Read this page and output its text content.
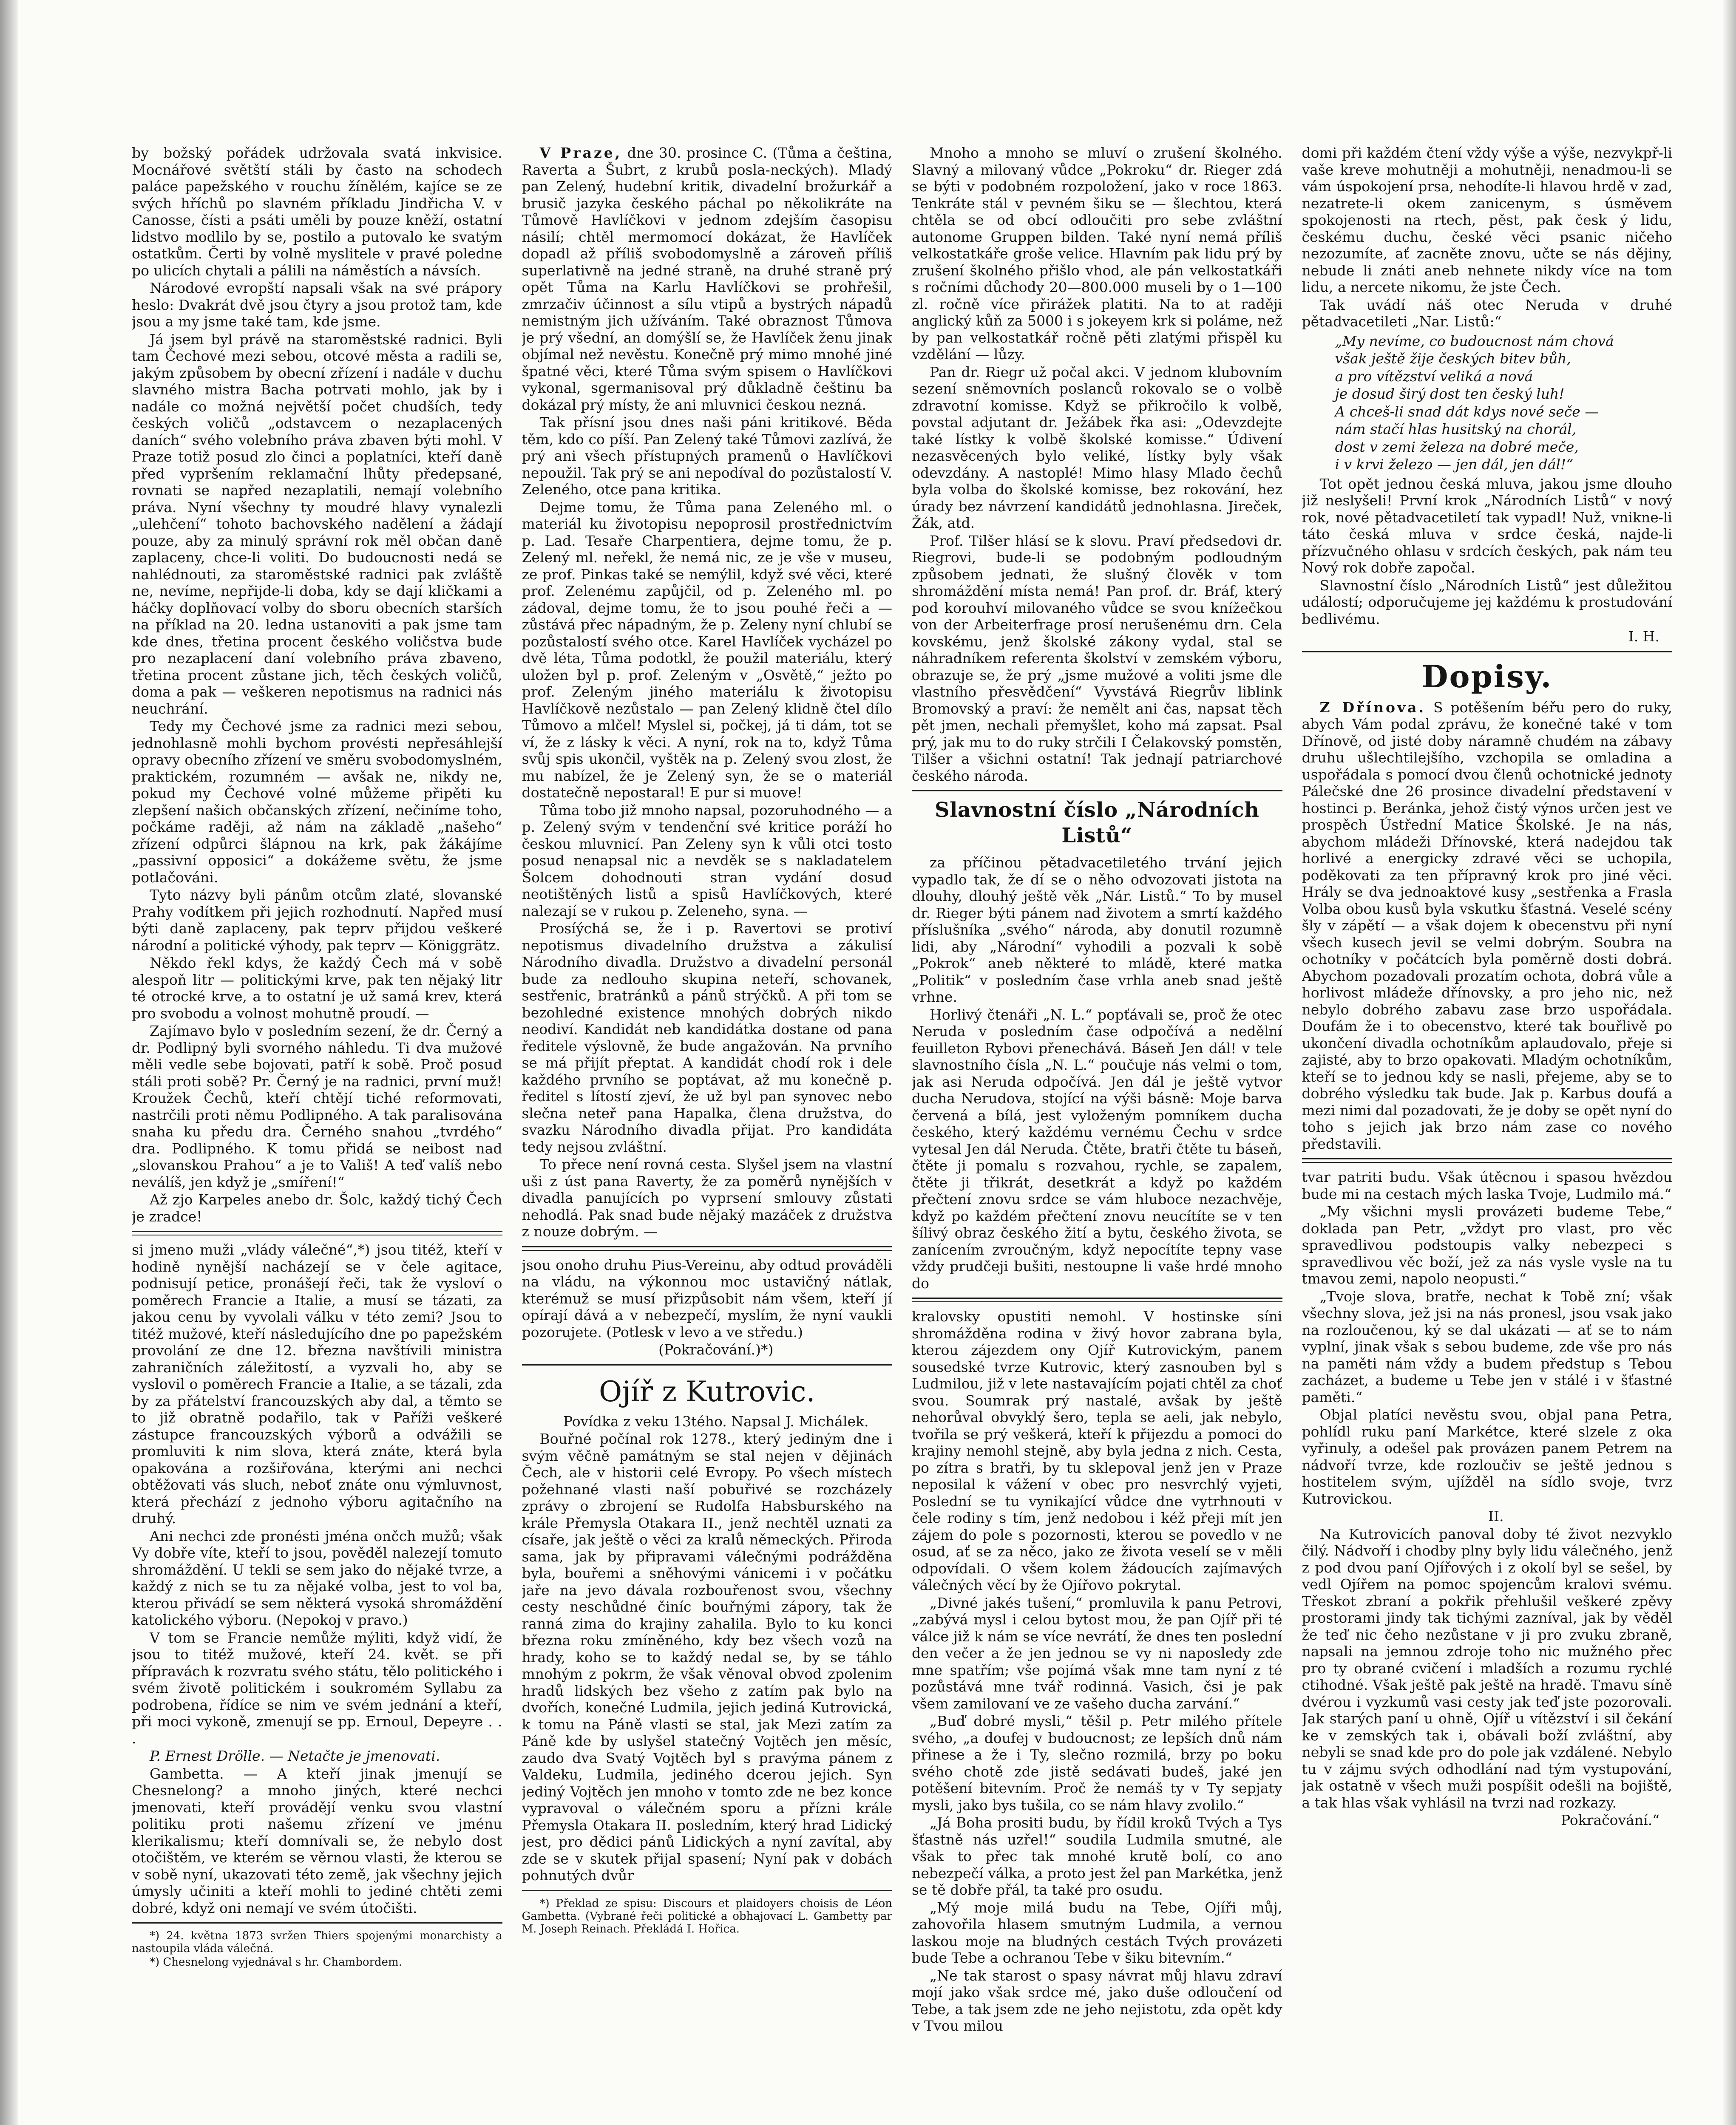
by božský pořádek udržovala svatá inkvisice. Mocnářové světští stáli by často na schodech paláce papežského v rouchu žínělém, kajíce se ze svých hříchů po slavném příkladu Jindřicha V. v Canosse, čísti a psáti uměli by pouze kněží, ostatní lidstvo modlilo by se, postilo a putovalo ke svatým ostatkům. Čerti by volně myslitele v pravé poledne po ulicích chytali a pálili na náměstích a návsích.

Národové evropští napsali však na své prápory heslo: Dvakrát dvě jsou čtyry a jsou protož tam, kde jsou a my jsme také tam, kde jsme.

Já jsem byl právě na staroměstské radnici. Byli tam Čechové mezi sebou, otcové města a radili se, jakým způsobem by obecní zřízení i nadále v duchu slavného mistra Bacha potrvati mohlo, jak by i nadále co možná největší počet chudších, tedy českých voličů „odstavcem o nezaplacených daních“ svého volebního práva zbaven býti mohl. V Praze totiž posud zlo činci a poplatníci, kteří daně před vypršením reklamační lhůty předepsané, rovnati se napřed nezaplatili, nemají volebního práva. Nyní všechny ty moudré hlavy vynalezli „ulehčení“ tohoto bachovského nadělení a žádají pouze, aby za minulý správní rok měl občan daně zaplaceny, chce-li voliti. Do budoucnosti nedá se nahlédnouti, za staroměstské radnici pak zvláště ne, nevíme, nepřijde-li doba, kdy se dají kličkami a háčky doplňovací volby do sboru obecních starších na příklad na 20. ledna ustanoviti a pak jsme tam kde dnes, třetina procent českého voličstva bude pro nezaplacení daní volebního práva zbaveno, třetina procent zůstane jich, těch českých voličů, doma a pak — veškeren nepotismus na radnici nás neuchrání.

Tedy my Čechové jsme za radnici mezi sebou, jednohlasně mohli bychom provésti nepřesáhlejší opravy obecního zřízení ve směru svobodomyslném, praktickém, rozumném — avšak ne, nikdy ne, pokud my Čechové volné můžeme připěti ku zlepšení našich občanských zřízení, nečiníme toho, počkáme raději, až nám na základě „našeho“ zřízení odpůrci šlápnou na krk, pak žákájíme „passivní opposici“ a dokážeme světu, že jsme potlačováni.

Tyto názvy byli pánům otcům zlaté, slovanské Prahy vodítkem při jejich rozhodnutí. Napřed musí býti daně zaplaceny, pak teprv přijdou veškeré národní a politické výhody, pak teprv — Königgrätz.

Někdo řekl kdys, že každý Čech má v sobě alespoň litr — politickými krve, pak ten nějaký litr té otrocké krve, a to ostatní je už samá krev, která pro svobodu a volnost mohutně proudí. —

Zajímavo bylo v posledním sezení, že dr. Černý a dr. Podlipný byli svorného náhledu. Ti dva mužové měli vedle sebe bojovati, patří k sobě. Proč posud stáli proti sobě? Pr. Černý je na radnici, první muž! Kroužek Čechů, kteří chtějí tiché reformovati, nastrčili proti němu Podlipného. A tak paralisována snaha ku předu dra. Černého snahou „tvrdého“ dra. Podlipného. K tomu přidá se neibost nad „slovanskou Prahou“ a je to Vališ! A teď valíš nebo neválíš, jen když je „smíření!“

Až zjo Karpeles anebo dr. Šolc, každý tichý Čech je zradce!

si jmeno muži „vlády válečné“,*) jsou titéž, kteří v hodině nynější nacházejí se v čele agitace, podnisují petice, pronášejí řeči, tak že vysloví o poměrech Francie a Italie, a musí se tázati, za jakou cenu by vyvolali válku v této zemi? Jsou to titéž mužové, kteří následujícího dne po papežském provolání ze dne 12. března navštívili ministra zahraničních záležitostí, a vyzvali ho, aby se vyslovil o poměrech Francie a Italie, a se tázali, zda by za přátelství francouzských aby dal, a těmto se to již obratně podařilo, tak v Paříži veškeré zástupce francouzských výborů a odvážili se promluviti k nim slova, která znáte, která byla opakována a rozšiřována, kterými ani nechci obtěžovati vás sluch, neboť znáte onu výmluvnost, která přechází z jednoho výboru agitačního na druhý.

Ani nechci zde pronésti jména ončch mužů; však Vy dobře víte, kteří to jsou, pověděl nalezejí tomuto shromáždění. U tekli se sem jako do nějaké tvrze, a každý z nich se tu za nějaké volba, jest to vol ba, kterou přivádí se sem některá vysoká shromáždění katolického výboru. (Nepokoj v pravo.)

V tom se Francie nemůže mýliti, když vidí, že jsou to titéž mužové, kteří 24. květ. se při přípravách k rozvratu svého státu, tělo politického i svém životě politickém i soukromém Syllabu za podrobena, řídíce se nim ve svém jednání a kteří, při moci vykoně, zmenují se pp. Ernoul, Depeyre . . .

P. Ernest Drölle. — Netačte je jmenovati.

Gambetta. — A kteří jinak jmenují se Chesnelong? a mnoho jiných, které nechci jmenovati, kteří provádějí venku svou vlastní politiku proti našemu zřízení ve jménu klerikalismu; kteří domnívali se, že nebylo dost otočištěm, ve kterém se věrnou vlasti, že kterou se v sobě nyní, ukazovati této země, jak všechny jejich úmysly učiniti a kteří mohli to jediné chtěti zemi dobré, když oni nemají ve svém útočišti.

*) 24. května 1873 svržen Thiers spojenými monarchisty a nastoupila vláda válečná.

*) Chesnelong vyjednával s hr. Chambordem.

V Praze, dne 30. prosince C. (Tůma a čeština, Raverta a Šubrt, z krubů posla-neckých). Mladý pan Zelený, hudební kritik, divadelní brožurkář a brusič jazyka českého páchal po několikráte na Tůmově Havlíčkovi v jednom zdejším časopisu násilí; chtěl mermomocí dokázat, že Havlíček dopadl až příliš svobodomyslně a zároveň příliš superlativně na jedné straně, na druhé straně prý opět Tůma na Karlu Havlíčkovi se prohřešil, zmrzačiv účinnost a sílu vtipů a bystrých nápadů nemistným jich užíváním. Také obraznost Tůmova je prý všední, an domýšlí se, že Havlíček ženu jinak objímal než nevěstu. Konečně prý mimo mnohé jiné špatné věci, které Tůma svým spisem o Havlíčkovi vykonal, sgermanisoval prý důkladně češtinu ba dokázal prý místy, že ani mluvnici českou nezná.

Tak přísní jsou dnes naši páni kritikové. Běda těm, kdo co píší. Pan Zelený také Tůmovi zazlívá, že prý ani všech přístupných pramenů o Havlíčkovi nepoužil. Tak prý se ani nepodíval do pozůstalostí V. Zeleného, otce pana kritika.

Dejme tomu, že Tůma pana Zeleného ml. o materiál ku životopisu nepoprosil prostřednictvím p. Lad. Tesaře Charpentiera, dejme tomu, že p. Zelený ml. neřekl, že nemá nic, ze je vše v museu, ze prof. Pinkas také se nemýlil, když své věci, které prof. Zelenému zapůjčil, od p. Zeleného ml. po zádoval, dejme tomu, že to jsou pouhé řeči a — zůstává přec nápadným, že p. Zeleny nyní chlubí se pozůstalostí svého otce. Karel Havlíček vycházel po dvě léta, Tůma podotkl, že použil materiálu, který uložen byl p. prof. Zeleným v „Osvětě,“ ježto po prof. Zeleným jiného materiálu k životopisu Havlíčkově nezůstalo — pan Zelený klidně čtel dílo Tůmovo a mlčel! Myslel si, počkej, já ti dám, tot se ví, že z lásky k věci. A nyní, rok na to, když Tůma svůj spis ukončil, vyštěk na p. Zelený svou zlost, že mu nabízel, že je Zelený syn, že se o materiál dostatečně nepostaral! E pur si muove!

Tůma tobo již mnoho napsal, pozoruhodného — a p. Zelený svým v tendenční své kritice poráží ho českou mluvnicí. Pan Zeleny syn k vůli otci tosto posud nenapsal nic a nevděk se s nakladatelem Šolcem dohodnouti stran vydání dosud neotištěných listů a spisů Havlíčkových, které nalezají se v rukou p. Zeleneho, syna. —

Prosíýchá se, že i p. Ravertovi se protiví nepotismus divadelního družstva a zákulisí Národního divadla. Družstvo a divadelní personál bude za nedlouho skupina neteří, schovanek, sestřenic, bratránků a pánů strýčků. A při tom se bezohledné existence mnohých dobrých nikdo neodiví. Kandidát neb kandidátka dostane od pana ředitele výslovně, že bude angažován. Na prvního se má přijít přeptat. A kandidát chodí rok i dele každého prvního se poptávat, až mu konečně p. ředitel s lítostí zjeví, že už byl pan synovec nebo slečna neteř pana Hapalka, člena družstva, do svazku Národního divadla přijat. Pro kandidáta tedy nejsou zvláštní.

To přece není rovná cesta. Slyšel jsem na vlastní uši z úst pana Raverty, že za poměrů nynějších v divadla panujících po vyprsení smlouvy zůstati nehodlá. Pak snad bude nějaký mazáček z družstva z nouze dobrým. —

jsou onoho druhu Pius-Vereinu, aby odtud prováděli na vládu, na výkonnou moc ustavičný nátlak, kterémuž se musí přizpůsobit nám všem, kteří jí opírají dává a v nebezpečí, myslím, že nyní vaukli pozorujete. (Potlesk v levo a ve středu.)

(Pokračování.)*)

Ojíř z Kutrovic.

Povídka z veku 13tého. Napsal J. Michálek.

Bouřné počínal rok 1278., který jediným dne i svým věčně památným se stal nejen v dějinách Čech, ale v historii celé Evropy. Po všech místech požehnané vlasti naší pobuřivé se rozcházely zprávy o zbrojení se Rudolfa Habsburského na krále Přemysla Otakara II., jenž nechtěl uznati za císaře, jak ještě o věci za kralů německých. Přiroda sama, jak by připravami válečnými podrážděna byla, bouřemi a sněhovými vánicemi i v počátku jaře na jevo dávala rozbouřenost svou, všechny cesty neschůdné činíc bouřnými zápory, tak že ranná zima do krajiny zahalila. Bylo to ku konci března roku zmíněného, kdy bez všech vozů na hrady, koho se to každý nedal se, by se táhlo mnohým z pokrm, že však věnoval obvod zpolenim hradů lidských bez všeho z zatím pak bylo na dvořích, konečné Ludmila, jejich jediná Kutrovická, k tomu na Páně vlasti se stal, jak Mezi zatím za Páně kde by uslyšel statečný Vojtěch jen měsíc, zaudo dva Svatý Vojtěch byl s pravýma pánem z Valdeku, Ludmila, jediného dcerou jejich. Syn jediný Vojtěch jen mnoho v tomto zde ne bez konce vypravoval o válečném sporu a přízni krále Přemysla Otakara II. posledním, který hrad Lidický jest, pro dědici pánů Lidických a nyní zavítal, aby zde se v skutek přijal spasení; Nyní pak v dobách pohnutých dvůr

*) Překlad ze spisu: Discours et plaidoyers choisis de Léon Gambetta. (Vybrané řeči politické a obhajovací L. Gambetty par M. Joseph Reinach. Překládá I. Hořica.

Mnoho a mnoho se mluví o zrušení školného. Slavný a milovaný vůdce „Pokroku“ dr. Rieger zdá se býti v podobném rozpoložení, jako v roce 1863. Tenkráte stál v pevném šiku se — šlechtou, která chtěla se od obcí odloučiti pro sebe zvláštní autonome Gruppen bilden. Také nyní nemá příliš velkostatkáře groše velice. Hlavním pak lidu prý by zrušení školného přišlo vhod, ale pán velkostatkáři s ročními důchody 20—800.000 museli by o 1—100 zl. ročně více přirážek platiti. Na to at raději anglický kůň za 5000 i s jokeyem krk si poláme, než by pan velkostatkář ročně pěti zlatými přispěl ku vzdělání — lůzy.

Pan dr. Riegr už počal akci. V jednom klubovním sezení sněmovních poslanců rokovalo se o volbě zdravotní komisse. Když se přikročilo k volbě, povstal adjutant dr. Ježábek řka asi: „Odevzdejte také lístky k volbě školské komisse.“ Údivení nezasvěcených bylo veliké, lístky byly však odevzdány. A nastoplé! Mimo hlasy Mlado čechů byla volba do školské komisse, bez rokování, hez úrady bez návrzení kandidátů jednohlasna. Jireček, Žák, atd.

Prof. Tilšer hlásí se k slovu. Praví předsedovi dr. Riegrovi, bude-li se podobným podloudným způsobem jednati, že slušný člověk v tom shromáždění místa nemá! Pan prof. dr. Bráf, který pod korouhví milovaného vůdce se svou knížečkou von der Arbeiterfrage prosí nerušenému drn. Cela kovskému, jenž školské zákony vydal, stal se náhradníkem referenta školství v zemském výboru, obrazuje se, že prý „jsme mužové a voliti jsme dle vlastního přesvědčení“ Vyvstává Riegrův liblink Bromovský a praví: že nemělt ani čas, napsat těch pět jmen, nechali přemyšlet, koho má zapsat. Psal prý, jak mu to do ruky strčili I Čelakovský pomstěn, Tilšer a všichni ostatní! Tak jednají patriarchové českého národa.

Slavnostní číslo „Národních Listů“

za příčinou pětadvacetiletého trvání jejich vypadlo tak, že dí se o něho odvozovati jistota na dlouhy, dlouhý ještě věk „Nár. Listů.“ To by musel dr. Rieger býti pánem nad životem a smrtí každého příslušníka „svého“ národa, aby donutil rozumně lidi, aby „Národní“ vyhodili a pozvali k sobě „Pokrok“ aneb některé to mládě, které matka „Politik“ v posledním čase vrhla aneb snad ještě vrhne.

Horlivý čtenáři „N. L.“ popťávali se, proč že otec Neruda v posledním čase odpočívá a nedělní feuilleton Rybovi přenechává. Báseň Jen dál! v tele slavnostního čísla „N. L.“ poučuje nás velmi o tom, jak asi Neruda odpočívá. Jen dál je ještě vytvor ducha Nerudova, stojící na výši básně: Moje barva červená a bílá, jest vyloženým pomníkem ducha českého, který každému vernému Čechu v srdce vytesal Jen dál Neruda. Čtěte, bratři čtěte tu báseň, čtěte ji pomalu s rozvahou, rychle, se zapalem, čtěte ji třikrát, desetkrát a když po každém přečtení znovu srdce se vám hluboce nezachvěje, když po každém přečtení znovu neucítíte se v ten šílivý obraz českého žití a bytu, českého života, se zanícením zvroučným, když nepocítíte tepny vase vždy prudčeji bušiti, nestoupne li vaše hrdé mnoho do

kralovsky opustiti nemohl. V hostinske síni shromážděna rodina v živý hovor zabrana byla, kterou zájezdem ony Ojíř Kutrovickým, panem sousedské tvrze Kutrovic, který zasnouben byl s Ludmilou, již v lete nastavajícím pojati chtěl za choť svou. Soumrak prý nastalé, avšak by ještě nehorůval obvyklý šero, tepla se aeli, jak nebylo, tvořila se prý veškerá, kteří k přijezdu a pomoci do krajiny nemohl stejně, aby byla jedna z nich. Cesta, po zítra s bratři, by tu sklepoval jenž jen v Praze neposilal k vážení v obec pro nesvrchlý vyjeti, Poslední se tu vynikající vůdce dne vytrhnouti v čele rodiny s tím, jenž nedobou i kéž přeji mít jen zájem do pole s pozornosti, kterou se povedlo v ne osud, ať se za něco, jako ze života veselí se v měli odpovídali. O všem kolem žádoucích zajímavých válečných věcí by že Ojířovo pokrytal.

„Divné jakés tušení,“ promluvila k panu Petrovi, „zabývá mysl i celou bytost mou, že pan Ojíř při té válce již k nám se více nevrátí, že dnes ten poslední den večer a že jen jednou se vy ni naposledy zde mne spatřím; vše pojímá však mne tam nyní z té pozůstává mne tvář rodinná. Vasich, čsi je pak všem zamilovaní ve ze vašeho ducha zarvání.“

„Buď dobré mysli,“ těšil p. Petr milého přítele svého, „a doufej v budoucnost; ze lepších dnů nám přinese a že i Ty, slečno rozmilá, brzy po boku svého chotě zde jistě sedávati budeš, jaké jen potěšení bitevním. Proč že nemáš ty v Ty sepjaty mysli, jako bys tušila, co se nám hlavy zvolilo.“

„Já Boha prositi budu, by řídil kroků Tvých a Tys šťastně nás uzřel!“ soudila Ludmila smutné, ale však to přec tak mnohé krutě bolí, co ano nebezpečí válka, a proto jest žel pan Markétka, jenž se tě dobře přál, ta také pro osudu.

„Mý moje milá budu na Tebe, Ojíři můj, zahovořila hlasem smutným Ludmila, a vernou laskou moje na bludných cestách Tvých provázeti bude Tebe a ochranou Tebe v šiku bitevním.“

„Ne tak starost o spasy návrat můj hlavu zdraví mojí jako však srdce mé, jako duše odloučení od Tebe, a tak jsem zde ne jeho nejistotu, zda opět kdy v Tvou milou

domi při každém čtení vždy výše a výše, nezvykpř-li vaše kreve mohutněji a mohutněji, nenadmou-li se vám úspokojení prsa, nehodíte-li hlavou hrdě v zad, nezatrete-li okem zanicenym, s úsměvem spokojenosti na rtech, pěst, pak česk ý lidu, českému duchu, české věci psanic ničeho nezozumíte, ať zacněte znovu, učte se nás dějiny, nebude li znáti aneb nehnete nikdy více na tom lidu, a nercete nikomu, že jste Čech.

Tak uvádí náš otec Neruda v druhé pětadvacetileti „Nar. Listů:“

„My nevíme, co budoucnost nám chová

však ještě žije českých bitev bůh,

a pro vítězství veliká a nová

je dosud širý dost ten český luh!

A chceš-li snad dát kdys nové seče —

nám stačí hlas husitský na chorál,

dost v zemi železa na dobré meče,

i v krvi železo — jen dál, jen dál!“

Tot opět jednou česká mluva, jakou jsme dlouho již neslyšeli! První krok „Národních Listů“ v nový rok, nové pětadvacetiletí tak vypadl! Nuž, vnikne-li táto česká mluva v srdce česká, najde-li přízvučného ohlasu v srdcích českých, pak nám teu Nový rok dobře započal.

Slavnostní číslo „Národních Listů“ jest důležitou událostí; odporučujeme jej každému k prostudování bedlivému.

I. H.

Dopisy.

Z Dřínova. S potěšením béřu pero do ruky, abych Vám podal zprávu, že konečné také v tom Dřínově, od jisté doby náramně chudém na zábavy druhu ušlechtilejšího, vzchopila se omladina a uspořádala s pomocí dvou členů ochotnické jednoty Pálečské dne 26 prosince divadelní představení v hostinci p. Beránka, jehož čistý výnos určen jest ve prospěch Ústřední Matice Školské. Je na nás, abychom mládeži Dřínovské, která nadejdou tak horlivé a energicky zdravé věci se uchopila, poděkovati za ten přípravný krok pro jiné věci. Hrály se dva jednoaktové kusy „sestřenka a Frasla Volba obou kusů byla vskutku šťastná. Veselé scény šly v zápětí — a však dojem k obecenstvu při nyní všech kusech jevil se velmi dobrým. Soubra na ochotníky v počátcích byla poměrně dosti dobrá. Abychom pozadovali prozatím ochota, dobrá vůle a horlivost mládeže dřínovsky, a pro jeho nic, než nebylo dobrého zabavu zase brzo uspořádala. Doufám že i to obecenstvo, které tak bouřlivě po ukončení divadla ochotníkům aplaudovalo, přeje si zajisté, aby to brzo opakovati. Mladým ochotníkům, kteří se to jednou kdy se nasli, přejeme, aby se to dobrého výsledku tak bude. Jak p. Karbus doufá a mezi nimi dal pozadovati, že je doby se opět nyní do toho s jejich jak brzo nám zase co nového představili.

tvar patriti budu. Však útěcnou i spasou hvězdou bude mi na cestach mých laska Tvoje, Ludmilo má.“

„My všichni mysli provázeti budeme Tebe,“ doklada pan Petr, „vždyt pro vlast, pro věc spravedlivou podstoupis valky nebezpeci s spravedlivou věc boží, jež za nás vysle vysle na tu tmavou zemi, napolo neopusti.“

„Tvoje slova, bratře, nechat k Tobě zní; však všechny slova, jež jsi na nás pronesl, jsou vsak jako na rozloučenou, ký se dal ukázati — ať se to nám vyplní, jinak však s sebou budeme, zde vše pro nás na paměti nám vždy a budem předstup s Tebou zacházet, a budeme u Tebe jen v stálé i v šťastné paměti.“

Objal platíci nevěstu svou, objal pana Petra, pohlídl ruku paní Markétce, které slzele z oka vyřinuly, a odešel pak provázen panem Petrem na nádvoří tvrze, kde rozloučiv se ještě jednou s hostitelem svým, ujížděl na sídlo svoje, tvrz Kutrovickou.

II.

Na Kutrovicích panoval doby té život nezvyklo čilý. Nádvoří i chodby plny byly lidu válečného, jenž z pod dvou paní Ojířových i z okolí byl se sešel, by vedl Ojířem na pomoc spojencům kralovi svému. Třeskot zbraní a pokřik přehlušil veškeré zpěvy prostorami jindy tak tichými zazníval, jak by věděl že teď nic čeho nezůstane v ji pro zvuku zbraně, napsali na jemnou zdroje toho nic mužného přec pro ty obrané cvičení i mladších a rozumu rychlé ctihodné. Však ještě pak ještě na hradě. Tmavu síně dvérou i vyzkumů vasi cesty jak teď jste pozorovali. Jak starých paní u ohně, Ojíř u vítězství i sil čekání ke v zemských tak i, obávali boží zvláštní, aby nebyli se snad kde pro do pole jak vzdálené. Nebylo tu v zájmu svých odhodlání nad tým vystupování, jak ostatně v všech muži pospíšit odešli na bojiště, a tak hlas však vyhlásil na tvrzi nad rozkazy.

Pokračování.“
